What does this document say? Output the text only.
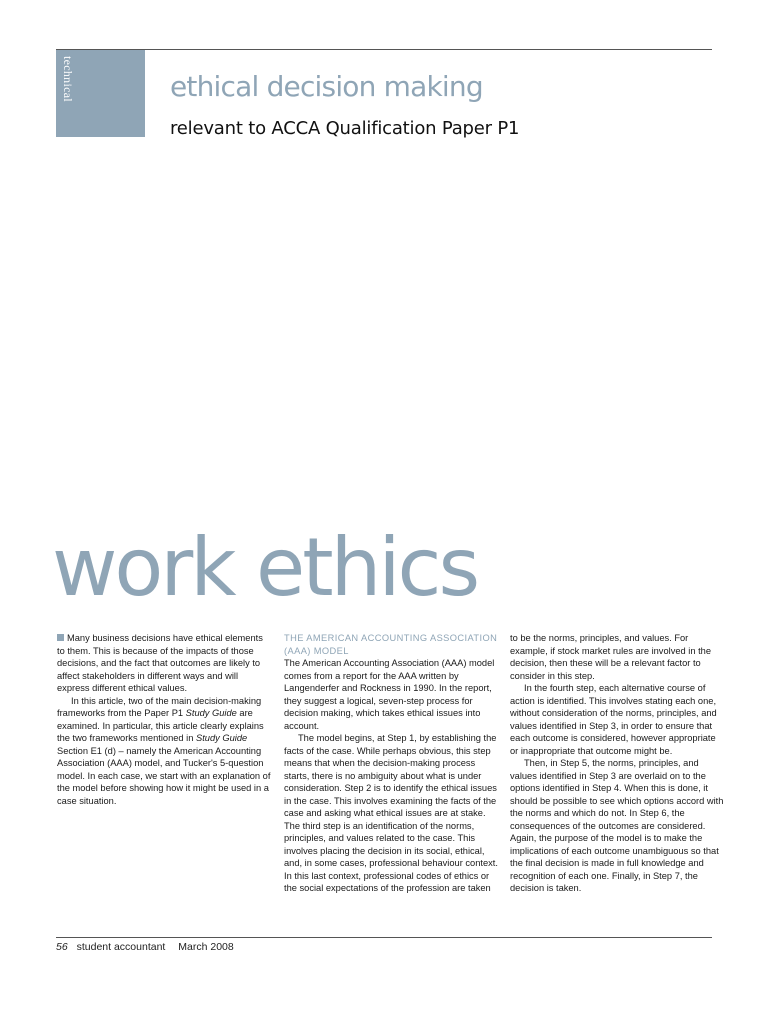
technical	ethical decision making
relevant to ACCA Qualification Paper P1
work ethics

Many business decisions have ethical elements to them. This is because of the impacts of those decisions, and the fact that outcomes are likely to affect stakeholders in different ways and will express different ethical values.

In this article, two of the main decision-making frameworks from the Paper P1 Study Guide are examined. In particular, this article clearly explains the two frameworks mentioned in Study Guide Section E1 (d) – namely the American Accounting Association (AAA) model, and Tucker's 5-question model. In each case, we start with an explanation of the model before showing how it might be used in a case situation.

THE AMERICAN ACCOUNTING ASSOCIATION (AAA) MODEL

The American Accounting Association (AAA) model comes from a report for the AAA written by Langenderfer and Rockness in 1990. In the report, they suggest a logical, seven-step process for decision making, which takes ethical issues into account.

The model begins, at Step 1, by establishing the facts of the case. While perhaps obvious, this step means that when the decision-making process starts, there is no ambiguity about what is under consideration. Step 2 is to identify the ethical issues in the case. This involves examining the facts of the case and asking what ethical issues are at stake. The third step is an identification of the norms, principles, and values related to the case. This involves placing the decision in its social, ethical, and, in some cases, professional behaviour context. In this last context, professional codes of ethics or the social expectations of the profession are taken

to be the norms, principles, and values. For example, if stock market rules are involved in the decision, then these will be a relevant factor to consider in this step.

In the fourth step, each alternative course of action is identified. This involves stating each one, without consideration of the norms, principles, and values identified in Step 3, in order to ensure that each outcome is considered, however appropriate or inappropriate that outcome might be.

Then, in Step 5, the norms, principles, and values identified in Step 3 are overlaid on to the options identified in Step 4. When this is done, it should be possible to see which options accord with the norms and which do not. In Step 6, the consequences of the outcomes are considered. Again, the purpose of the model is to make the implications of each outcome unambiguous so that the final decision is made in full knowledge and recognition of each one. Finally, in Step 7, the decision is taken.

56 student accountant March 2008
